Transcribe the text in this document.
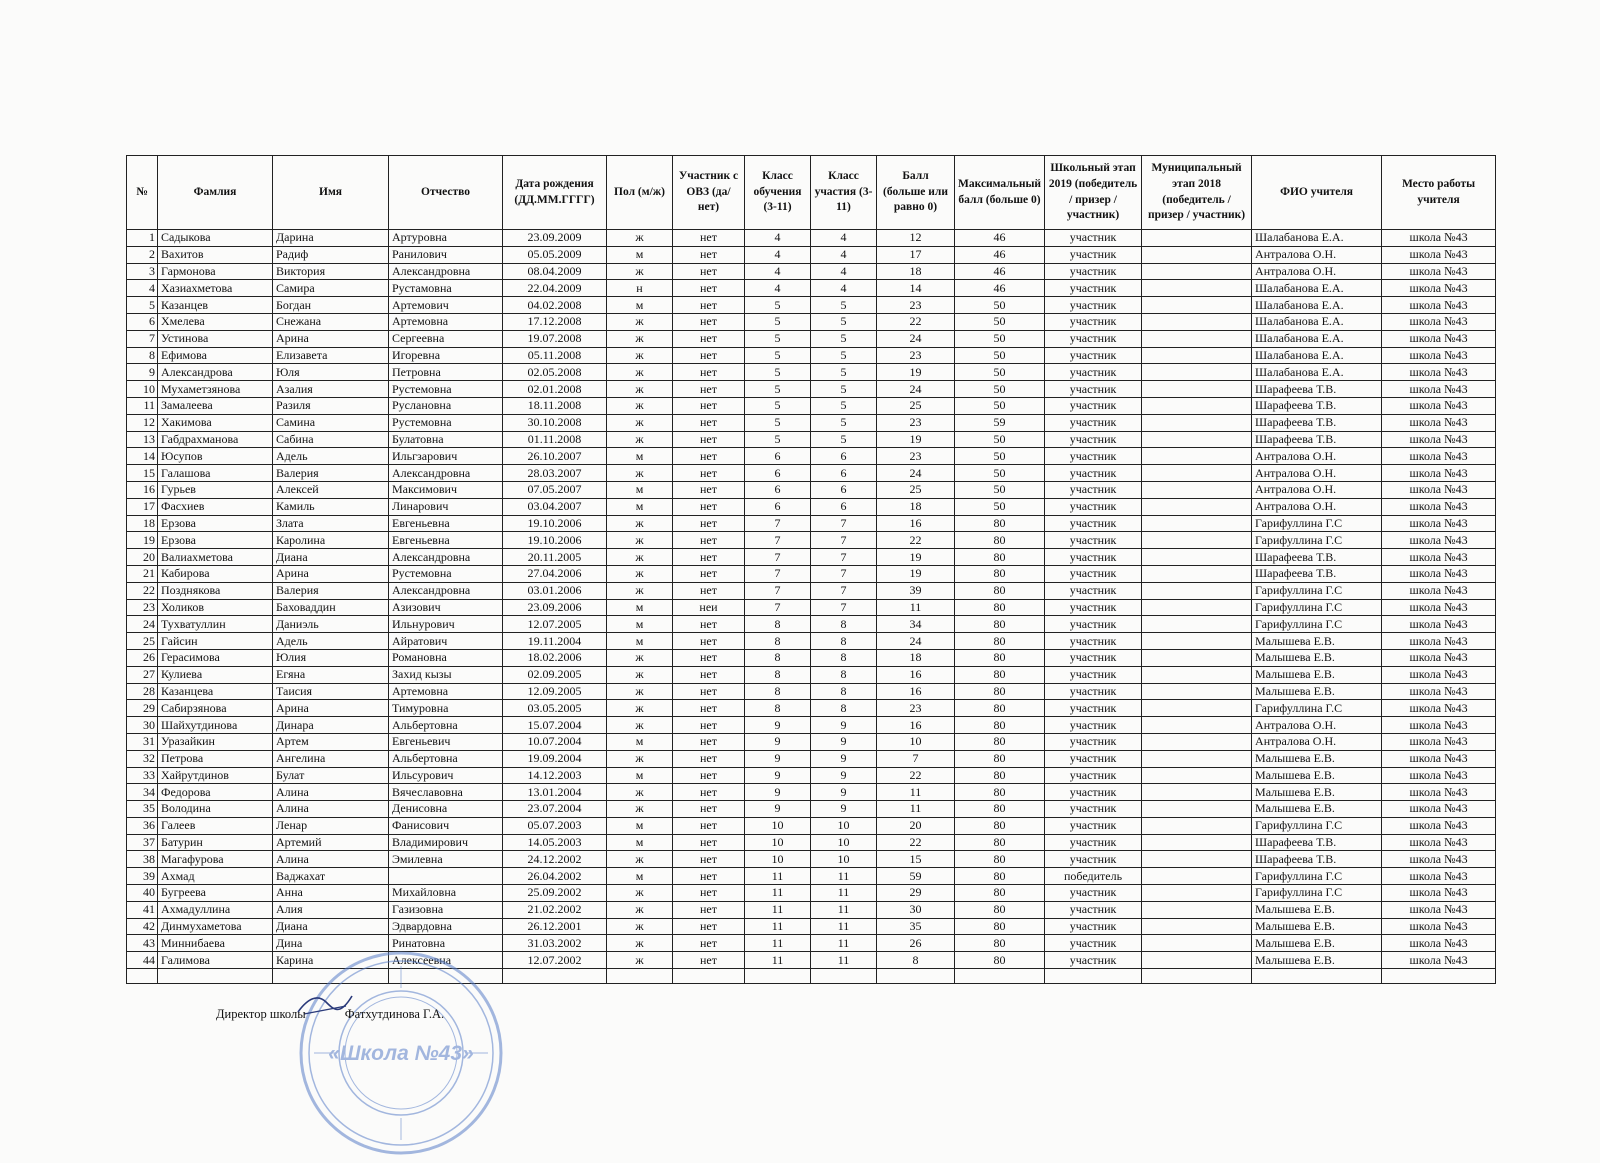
№	Фамлия	Имя	Отчество	Дата рождения (ДД.ММ.ГГГГ)	Пол (м/ж)	Участник с ОВЗ (да/нет)	Класс обучения (3-11)	Класс участия (3-11)	Балл (больше или равно 0)	Максимальный балл (больше 0)	Школьный этап 2019 (победитель / призер / участник)	Муниципальный этап 2018 (победитель / призер / участник)	ФИО учителя	Место работы учителя
1	Садыкова	Дарина	Артуровна	23.09.2009	ж	нет	4	4	12	46	участник		Шалабанова Е.А.	школа №43
2	Вахитов	Радиф	Ранилович	05.05.2009	м	нет	4	4	17	46	участник		Антралова О.Н.	школа №43
3	Гармонова	Виктория	Александровна	08.04.2009	ж	нет	4	4	18	46	участник		Антралова О.Н.	школа №43
4	Хазиахметова	Самира	Рустамовна	22.04.2009	н	нет	4	4	14	46	участник		Шалабанова Е.А.	школа №43
5	Казанцев	Богдан	Артемович	04.02.2008	м	нет	5	5	23	50	участник		Шалабанова Е.А.	школа №43
6	Хмелева	Снежана	Артемовна	17.12.2008	ж	нет	5	5	22	50	участник		Шалабанова Е.А.	школа №43
7	Устинова	Арина	Сергеевна	19.07.2008	ж	нет	5	5	24	50	участник		Шалабанова Е.А.	школа №43
8	Ефимова	Елизавета	Игоревна	05.11.2008	ж	нет	5	5	23	50	участник		Шалабанова Е.А.	школа №43
9	Александрова	Юля	Петровна	02.05.2008	ж	нет	5	5	19	50	участник		Шалабанова Е.А.	школа №43
10	Мухаметзянова	Азалия	Рустемовна	02.01.2008	ж	нет	5	5	24	50	участник		Шарафеева Т.В.	школа №43
11	Замалеева	Разиля	Руслановна	18.11.2008	ж	нет	5	5	25	50	участник		Шарафеева Т.В.	школа №43
12	Хакимова	Самина	Рустемовна	30.10.2008	ж	нет	5	5	23	59	участник		Шарафеева Т.В.	школа №43
13	Габдрахманова	Сабина	Булатовна	01.11.2008	ж	нет	5	5	19	50	участник		Шарафеева Т.В.	школа №43
14	Юсупов	Адель	Ильгзарович	26.10.2007	м	нет	6	6	23	50	участник		Антралова О.Н.	школа №43
15	Галашова	Валерия	Александровна	28.03.2007	ж	нет	6	6	24	50	участник		Антралова О.Н.	школа №43
16	Гурьев	Алексей	Максимович	07.05.2007	м	нет	6	6	25	50	участник		Антралова О.Н.	школа №43
17	Фасхиев	Камиль	Линарович	03.04.2007	м	нет	6	6	18	50	участник		Антралова О.Н.	школа №43
18	Ерзова	Злата	Евгеньевна	19.10.2006	ж	нет	7	7	16	80	участник		Гарифуллина Г.С	школа №43
19	Ерзова	Каролина	Евгеньевна	19.10.2006	ж	нет	7	7	22	80	участник		Гарифуллина Г.С	школа №43
20	Валиахметова	Диана	Александровна	20.11.2005	ж	нет	7	7	19	80	участник		Шарафеева Т.В.	школа №43
21	Кабирова	Арина	Рустемовна	27.04.2006	ж	нет	7	7	19	80	участник		Шарафеева Т.В.	школа №43
22	Позднякова	Валерия	Александровна	03.01.2006	ж	нет	7	7	39	80	участник		Гарифуллина Г.С	школа №43
23	Холиков	Баховаддин	Азизович	23.09.2006	м	неи	7	7	11	80	участник		Гарифуллина Г.С	школа №43
24	Тухватуллин	Даниэль	Ильнурович	12.07.2005	м	нет	8	8	34	80	участник		Гарифуллина Г.С	школа №43
25	Гайсин	Адель	Айратович	19.11.2004	м	нет	8	8	24	80	участник		Малышева Е.В.	школа №43
26	Герасимова	Юлия	Романовна	18.02.2006	ж	нет	8	8	18	80	участник		Малышева Е.В.	школа №43
27	Кулиева	Егяна	Захид кызы	02.09.2005	ж	нет	8	8	16	80	участник		Малышева Е.В.	школа №43
28	Казанцева	Таисия	Артемовна	12.09.2005	ж	нет	8	8	16	80	участник		Малышева Е.В.	школа №43
29	Сабирзянова	Арина	Тимуровна	03.05.2005	ж	нет	8	8	23	80	участник		Гарифуллина Г.С	школа №43
30	Шайхутдинова	Динара	Альбертовна	15.07.2004	ж	нет	9	9	16	80	участник		Антралова О.Н.	школа №43
31	Уразайкин	Артем	Евгеньевич	10.07.2004	м	нет	9	9	10	80	участник		Антралова О.Н.	школа №43
32	Петрова	Ангелина	Альбертовна	19.09.2004	ж	нет	9	9	7	80	участник		Малышева Е.В.	школа №43
33	Хайрутдинов	Булат	Ильсурович	14.12.2003	м	нет	9	9	22	80	участник		Малышева Е.В.	школа №43
34	Федорова	Алина	Вячеславовна	13.01.2004	ж	нет	9	9	11	80	участник		Малышева Е.В.	школа №43
35	Володина	Алина	Денисовна	23.07.2004	ж	нет	9	9	11	80	участник		Малышева Е.В.	школа №43
36	Галеев	Ленар	Фанисович	05.07.2003	м	нет	10	10	20	80	участник		Гарифуллина Г.С	школа №43
37	Батурин	Артемий	Владимирович	14.05.2003	м	нет	10	10	22	80	участник		Шарафеева Т.В.	школа №43
38	Магафурова	Алина	Эмилевна	24.12.2002	ж	нет	10	10	15	80	участник		Шарафеева Т.В.	школа №43
39	Ахмад	Ваджахат		26.04.2002	м	нет	11	11	59	80	победитель		Гарифуллина Г.С	школа №43
40	Бугреева	Анна	Михайловна	25.09.2002	ж	нет	11	11	29	80	участник		Гарифуллина Г.С	школа №43
41	Ахмадуллина	Алия	Газизовна	21.02.2002	ж	нет	11	11	30	80	участник		Малышева Е.В.	школа №43
42	Динмухаметова	Диана	Эдвардовна	26.12.2001	ж	нет	11	11	35	80	участник		Малышева Е.В.	школа №43
43	Миннибаева	Дина	Ринатовна	31.03.2002	ж	нет	11	11	26	80	участник		Малышева Е.В.	школа №43
44	Галимова	Карина	Алексеевна	12.07.2002	ж	нет	11	11	8	80	участник		Малышева Е.В.	школа №43

«Школа №43»
Директор школы	Фатхутдинова Г.А.
